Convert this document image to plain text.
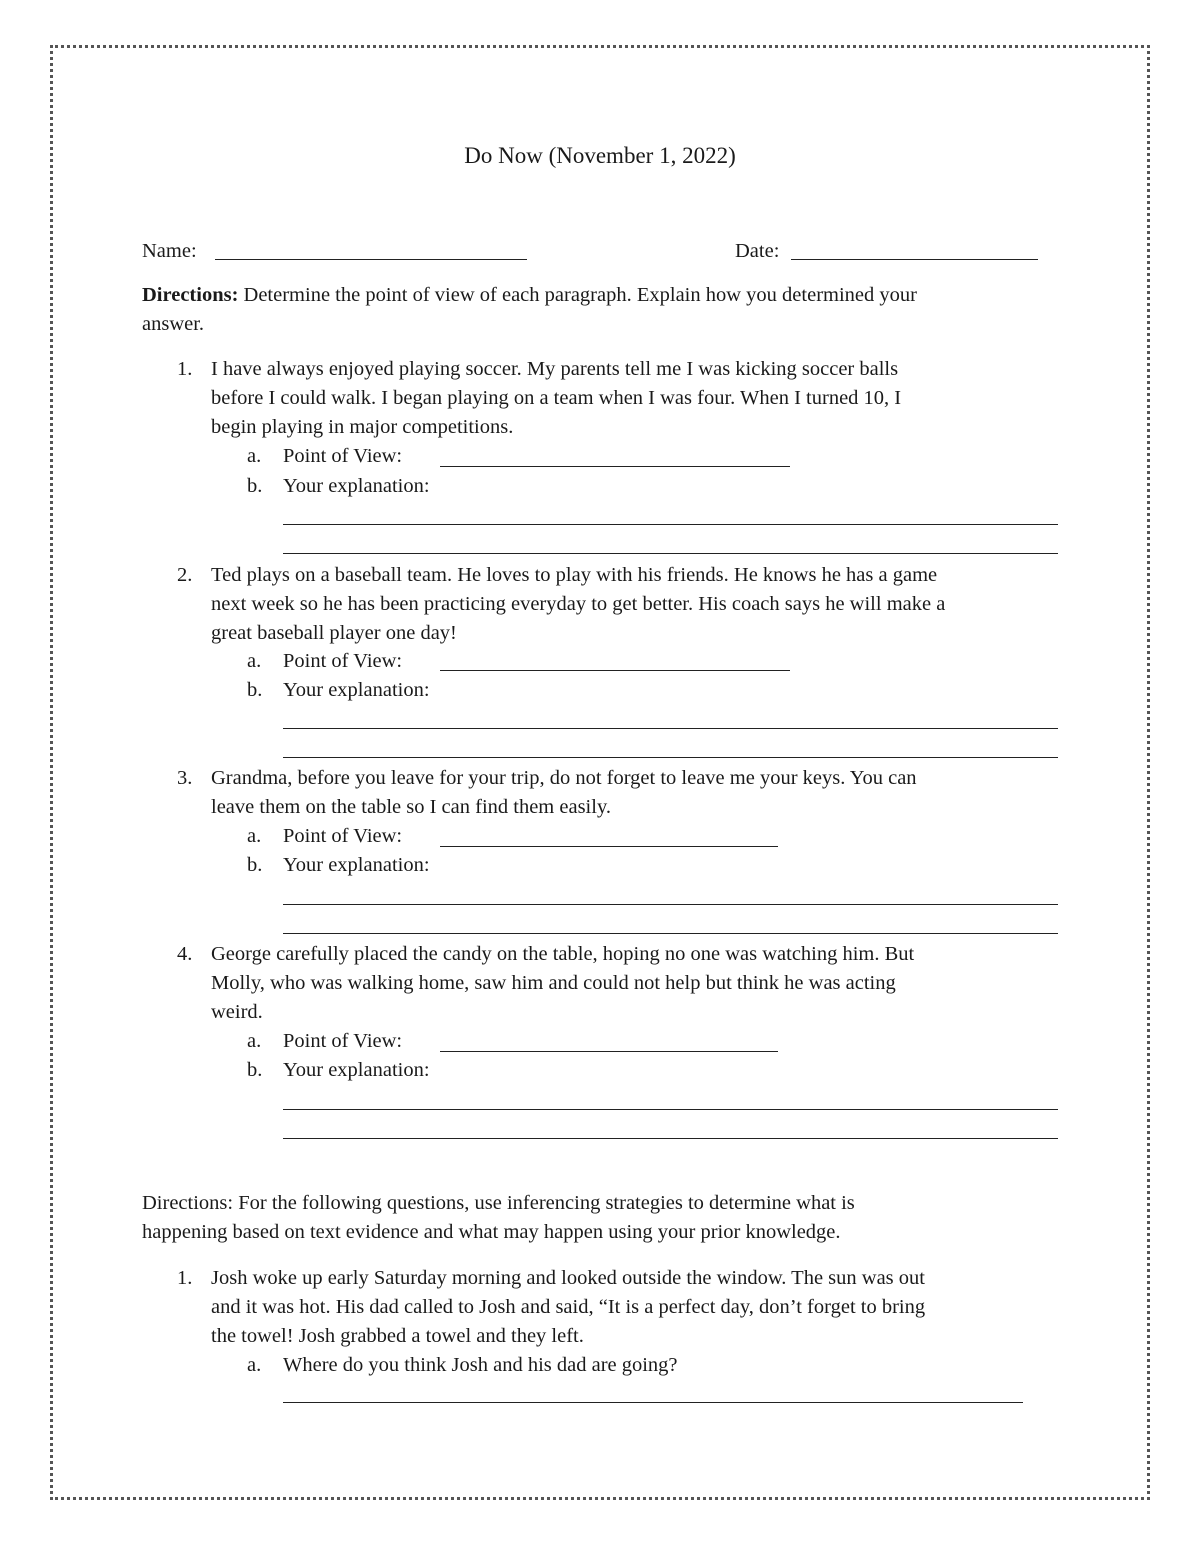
Do Now (November 1, 2022)
Name:	Date:
Directions: Determine the point of view of each paragraph. Explain how you determined your
answer.
1. I have always enjoyed playing soccer. My parents tell me I was kicking soccer balls
before I could walk. I began playing on a team when I was four. When I turned 10, I
begin playing in major competitions.
a. Point of View:
b. Your explanation:
2. Ted plays on a baseball team. He loves to play with his friends. He knows he has a game
next week so he has been practicing everyday to get better. His coach says he will make a
great baseball player one day!
a. Point of View:
b. Your explanation:
3. Grandma, before you leave for your trip, do not forget to leave me your keys. You can
leave them on the table so I can find them easily.
a. Point of View:
b. Your explanation:
4. George carefully placed the candy on the table, hoping no one was watching him. But
Molly, who was walking home, saw him and could not help but think he was acting
weird.
a. Point of View:
b. Your explanation:
Directions: For the following questions, use inferencing strategies to determine what is
happening based on text evidence and what may happen using your prior knowledge.
1. Josh woke up early Saturday morning and looked outside the window. The sun was out
and it was hot. His dad called to Josh and said, “It is a perfect day, don’t forget to bring
the towel! Josh grabbed a towel and they left.
a. Where do you think Josh and his dad are going?
